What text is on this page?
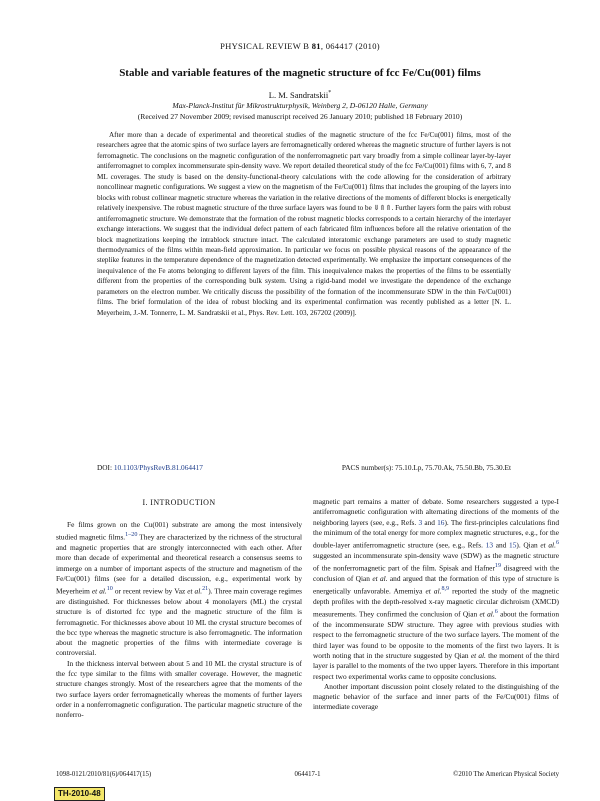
PHYSICAL REVIEW B 81, 064417 (2010)
Stable and variable features of the magnetic structure of fcc Fe/Cu(001) films
L. M. Sandratskii*
Max-Planck-Institut für Mikrostrukturphysik, Weinberg 2, D-06120 Halle, Germany
(Received 27 November 2009; revised manuscript received 26 January 2010; published 18 February 2010)

After more than a decade of experimental and theoretical studies of the magnetic structure of the fcc Fe/Cu(001) films, most of the researchers agree that the atomic spins of two surface layers are ferromagnetically ordered whereas the magnetic structure of further layers is not ferromagnetic. The conclusions on the magnetic configuration of the nonferromagnetic part vary broadly from a simple collinear layer-by-layer antiferromagnet to complex incommensurate spin-density wave. We report detailed theoretical study of the fcc Fe/Cu(001) films with 6, 7, and 8 ML coverages. The study is based on the density-functional-theory calculations with the code allowing for the consideration of arbitrary noncollinear magnetic configurations. We suggest a view on the magnetism of the Fe/Cu(001) films that includes the grouping of the layers into blocks with robust collinear magnetic structure whereas the variation in the relative directions of the moments of different blocks is energetically relatively inexpensive. The robust magnetic structure of the three surface layers was found to be ⇓⇑⇑. Further layers form the pairs with robust antiferromagnetic structure. We demonstrate that the formation of the robust magnetic blocks corresponds to a certain hierarchy of the interlayer exchange interactions. We suggest that the individual defect pattern of each fabricated film influences before all the relative orientation of the block magnetizations keeping the intrablock structure intact. The calculated interatomic exchange parameters are used to study magnetic thermodynamics of the films within mean-field approximation. In particular we focus on possible physical reasons of the appearance of the steplike features in the temperature dependence of the magnetization detected experimentally. We emphasize the important consequences of the inequivalence of the Fe atoms belonging to different layers of the film. This inequivalence makes the properties of the films to be essentially different from the properties of the corresponding bulk system. Using a rigid-band model we investigate the dependence of the exchange parameters on the electron number. We critically discuss the possibility of the formation of the incommensurate SDW in the thin Fe/Cu(001) films. The brief formulation of the idea of robust blocking and its experimental confirmation was recently published as a letter [N. L. Meyerheim, J.-M. Tonnerre, L. M. Sandratskii et al., Phys. Rev. Lett. 103, 267202 (2009)].

DOI: 10.1103/PhysRevB.81.064417	PACS number(s): 75.10.Lp, 75.70.Ak, 75.50.Bb, 75.30.Et
I. INTRODUCTION

Fe films grown on the Cu(001) substrate are among the most intensively studied magnetic films.$^{1-20}$ They are characterized by the richness of the structural and magnetic properties that are strongly interconnected with each other. After more than decade of experimental and theoretical research a consensus seems to immerge on a number of important aspects of the structure and magnetism of the Fe/Cu(001) films (see for a detailed discussion, e.g., experimental work by Meyerheim et al.$^{10}$ or recent review by Vaz et al.$^{21}$). Three main coverage regimes are distinguished. For thicknesses below about 4 monolayers (ML) the crystal structure is of distorted fcc type and the magnetic structure of the film is ferromagnetic. For thicknesses above about 10 ML the crystal structure becomes of the bcc type whereas the magnetic structure is also ferromagnetic. The information about the magnetic properties of the films with intermediate coverage is controversial.

In the thickness interval between about 5 and 10 ML the crystal structure is of the fcc type similar to the films with smaller coverage. However, the magnetic structure changes strongly. Most of the researchers agree that the moments of the two surface layers order ferromagnetically whereas the moments of further layers order in a nonferromagnetic configuration. The particular magnetic structure of the nonferro-

magnetic part remains a matter of debate. Some researchers suggested a type-I antiferromagnetic configuration with alternating directions of the moments of the neighboring layers (see, e.g., Refs. 3 and 16). The first-principles calculations find the minimum of the total energy for more complex magnetic structures, e.g., for the double-layer antiferromagnetic structure (see, e.g., Refs. 13 and 15). Qian et al.$^6$ suggested an incommensurate spin-density wave (SDW) as the magnetic structure of the nonferromagnetic part of the film. Spisak and Hafner$^{19}$ disagreed with the conclusion of Qian et al. and argued that the formation of this type of structure is energetically unfavorable. Amemiya et al.$^{8,9}$ reported the study of the magnetic depth profiles with the depth-resolved x-ray magnetic circular dichroism (XMCD) measurements. They confirmed the conclusion of Qian et al.$^6$ about the formation of the incommensurate SDW structure. They agree with previous studies with respect to the ferromagnetic structure of the two surface layers. The moment of the third layer was found to be opposite to the moments of the first two layers. It is worth noting that in the structure suggested by Qian et al. the moment of the third layer is parallel to the moments of the two upper layers. Therefore in this important respect two experimental works came to opposite conclusions.

Another important discussion point closely related to the distinguishing of the magnetic behavior of the surface and inner parts of the Fe/Cu(001) films of intermediate coverage

1098-0121/2010/81(6)/064417(15)	064417-1	©2010 The American Physical Society
TH-2010-48
